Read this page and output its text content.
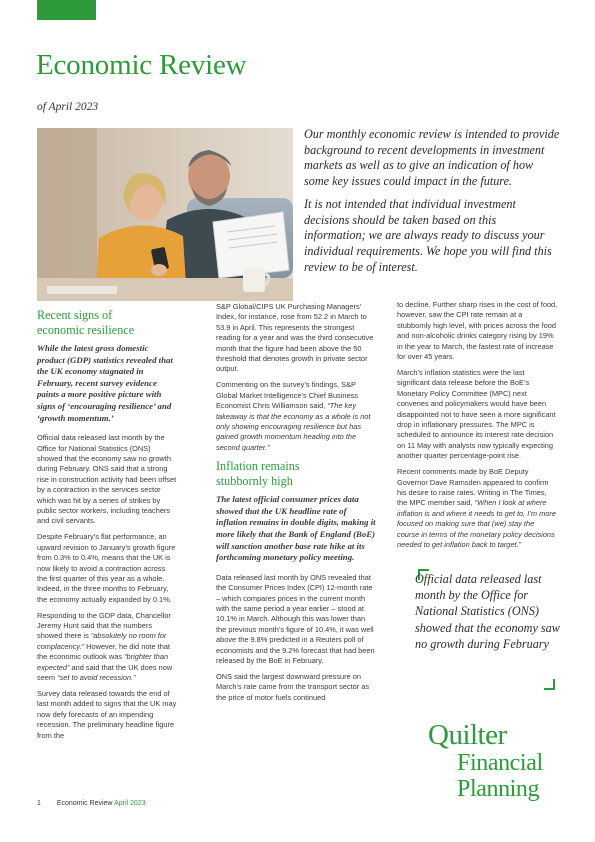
Economic Review
of April 2023

Our monthly economic review is intended to provide background to recent developments in investment markets as well as to give an indication of how some key issues could impact in the future.

It is not intended that individual investment decisions should be taken based on this information; we are always ready to discuss your individual requirements. We hope you will find this review to be of interest.

Recent signs of
economic resilience

While the latest gross domestic product (GDP) statistics revealed that the UK economy stagnated in February, recent survey evidence paints a more positive picture with signs of ‘encouraging resilience’ and ‘growth momentum.’

Official data released last month by the Office for National Statistics (ONS) showed that the economy saw no growth during February. ONS said that a strong rise in construction activity had been offset by a contraction in the services sector which was hit by a series of strikes by public sector workers, including teachers and civil servants.

Despite February’s flat performance, an upward revision to January’s growth figure from 0.3% to 0.4%, means that the UK is now likely to avoid a contraction across the first quarter of this year as a whole. Indeed, in the three months to February, the economy actually expanded by 0.1%.

Responding to the GDP data, Chancellor Jeremy Hunt said that the numbers showed there is “absolutely no room for complacency.” However, he did note that the economic outlook was “brighter than expected” and said that the UK does now seem “set to avoid recession.”

Survey data released towards the end of last month added to signs that the UK may now defy forecasts of an impending recession. The preliminary headline figure from the

S&P Global/CIPS UK Purchasing Managers’ Index, for instance, rose from 52.2 in March to 53.9 in April. This represents the strongest reading for a year and was the third consecutive month that the figure had been above the 50 threshold that denotes growth in private sector output.

Commenting on the survey’s findings, S&P Global Market Intelligence’s Chief Business Economist Chris Williamson said, “The key takeaway is that the economy as a whole is not only showing encouraging resilience but has gained growth momentum heading into the second quarter.”

Inflation remains
stubbornly high

The latest official consumer prices data showed that the UK headline rate of inflation remains in double digits, making it more likely that the Bank of England (BoE) will sanction another base rate hike at its forthcoming monetary policy meeting.

Data released last month by ONS revealed that the Consumer Prices Index (CPI) 12-month rate – which compares prices in the current month with the same period a year earlier – stood at 10.1% in March. Although this was lower than the previous month’s figure of 10.4%, it was well above the 9.8% predicted in a Reuters poll of economists and the 9.2% forecast that had been released by the BoE in February.

ONS said the largest downward pressure on March’s rate came from the transport sector as the price of motor fuels continued

to decline. Further sharp rises in the cost of food, however, saw the CPI rate remain at a stubbornly high level, with prices across the food and non-alcoholic drinks category rising by 19% in the year to March, the fastest rate of increase for over 45 years.

March’s inflation statistics were the last significant data release before the BoE’s Monetary Policy Committee (MPC) next convenes and policymakers would have been disappointed not to have seen a more significant drop in inflationary pressures. The MPC is scheduled to announce its interest rate decision on 11 May with analysts now typically expecting another quarter percentage-point rise.

Recent comments made by BoE Deputy Governor Dave Ramsden appeared to confirm his desire to raise rates. Writing in The Times, the MPC member said, “When I look at where inflation is and where it needs to get to, I’m more focused on making sure that (we) stay the course in terms of the monetary policy decisions needed to get inflation back to target.”

Official data released last month by the Office for National Statistics (ONS) showed that the economy saw no growth during February
Quilter
Financial
Planning
1 Economic Review April 2023
